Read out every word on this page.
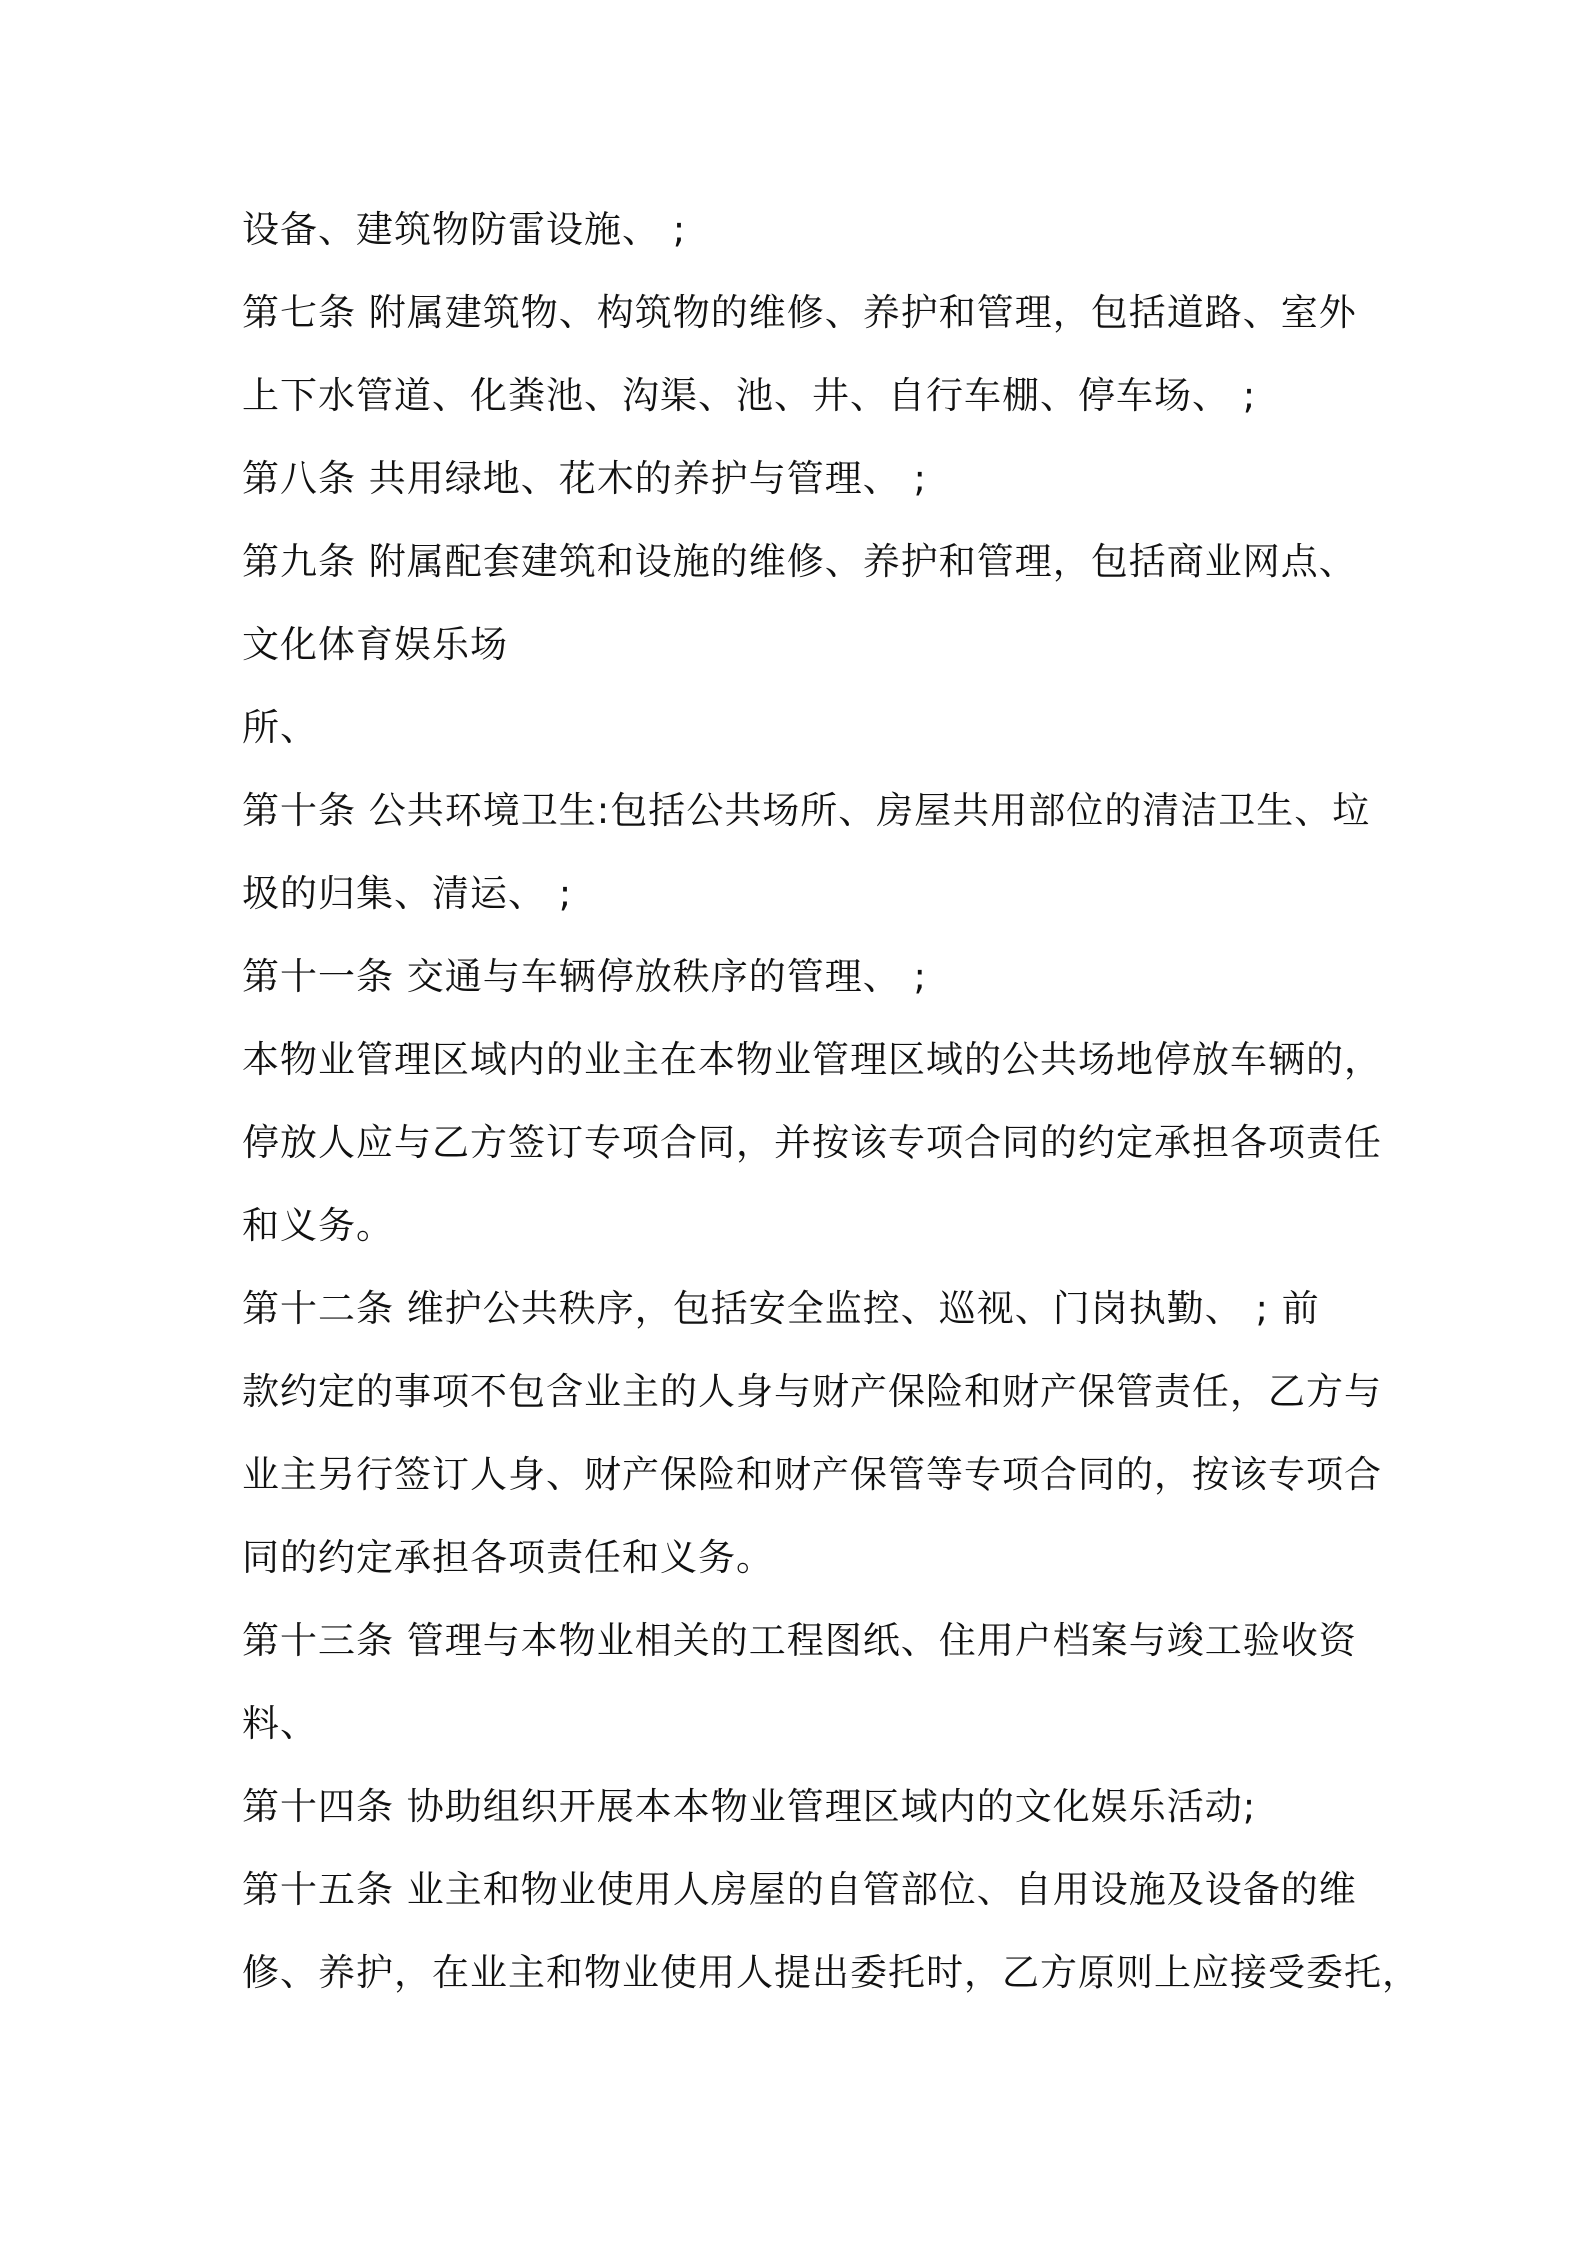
设备、建筑物防雷设施、 ;
第七条 附属建筑物、构筑物的维修、养护和管理，包括道路、室外
上下水管道、化粪池、沟渠、池、井、自行车棚、停车场、 ;
第八条 共用绿地、花木的养护与管理、 ;
第九条 附属配套建筑和设施的维修、养护和管理，包括商业网点、
文化体育娱乐场
所、
第十条 公共环境卫生:包括公共场所、房屋共用部位的清洁卫生、垃
圾的归集、清运、 ;
第十一条 交通与车辆停放秩序的管理、 ;
本物业管理区域内的业主在本物业管理区域的公共场地停放车辆的，
停放人应与乙方签订专项合同，并按该专项合同的约定承担各项责任
和义务。
第十二条 维护公共秩序，包括安全监控、巡视、门岗执勤、 ; 前
款约定的事项不包含业主的人身与财产保险和财产保管责任，乙方与
业主另行签订人身、财产保险和财产保管等专项合同的，按该专项合
同的约定承担各项责任和义务。
第十三条 管理与本物业相关的工程图纸、住用户档案与竣工验收资
料、
第十四条 协助组织开展本本物业管理区域内的文化娱乐活动;
第十五条 业主和物业使用人房屋的自管部位、自用设施及设备的维
修、养护，在业主和物业使用人提出委托时，乙方原则上应接受委托，
